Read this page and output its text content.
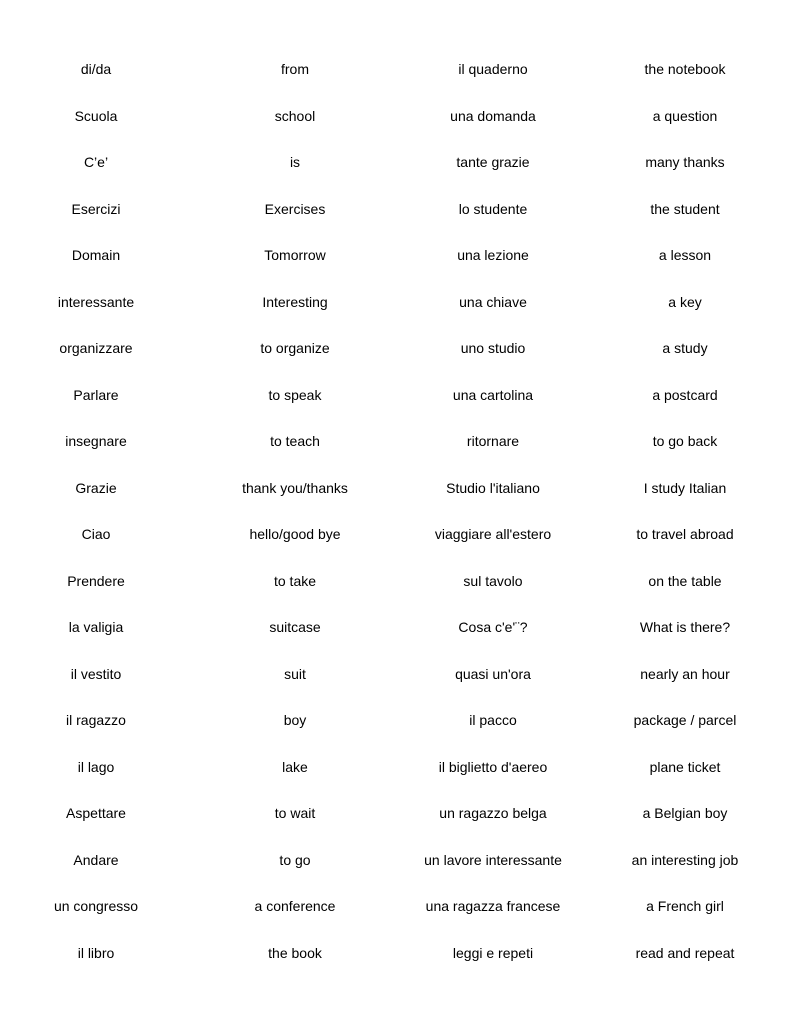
di/da	from	il quaderno	the notebook
Scuola	school	una domanda	a question
C’e’	is	tante grazie	many thanks
Esercizi	Exercises	lo studente	the student
Domain	Tomorrow	una lezione	a lesson
interessante	Interesting	una chiave	a key
organizzare	to organize	uno studio	a study
Parlare	to speak	una cartolina	a postcard
insegnare	to teach	ritornare	to go back
Grazie	thank you/thanks	Studio l'italiano	I study Italian
Ciao	hello/good bye	viaggiare all'estero	to travel abroad
Prendere	to take	sul tavolo	on the table
la valigia	suitcase	Cosa c'e'¨?	What is there?
il vestito	suit	quasi un'ora	nearly an hour
il ragazzo	boy	il pacco	package / parcel
il lago	lake	il biglietto d'aereo	plane ticket
Aspettare	to wait	un ragazzo belga	a Belgian boy
Andare	to go	un lavore interessante	an interesting job
un congresso	a conference	una ragazza francese	a French girl
il libro	the book	leggi e repeti	read and repeat
